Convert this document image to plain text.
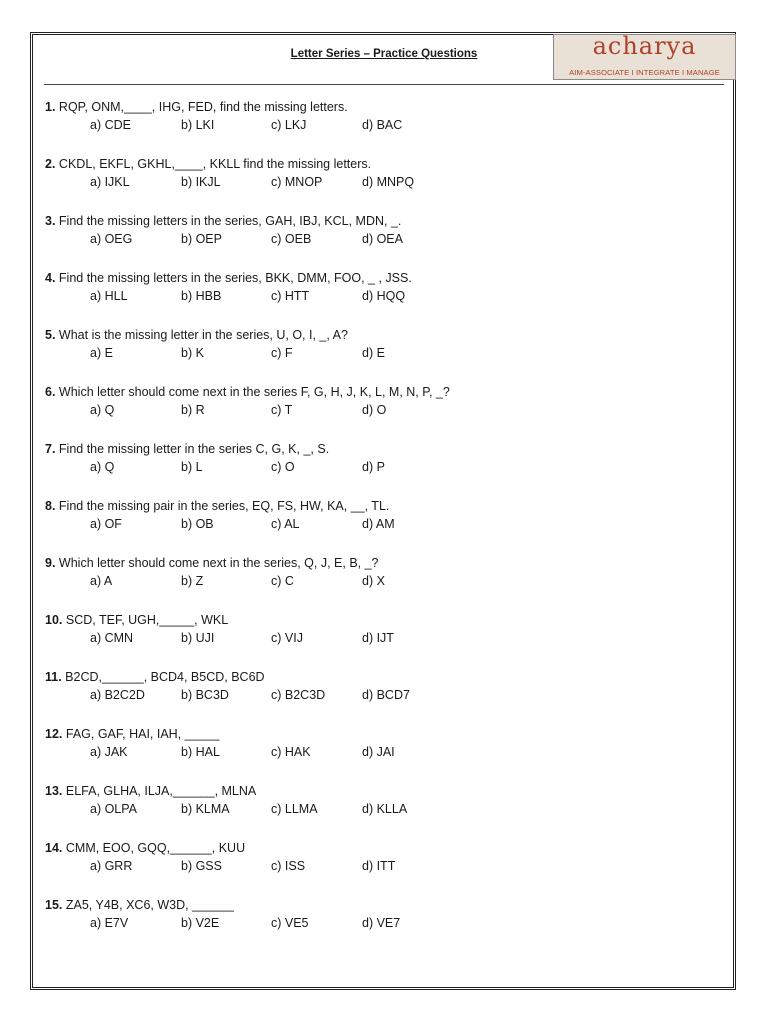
Letter Series – Practice Questions	acharya
AIM-ASSOCIATE I INTEGRATE I MANAGE
1. RQP, ONM,____, IHG, FED, find the missing letters.
a) CDE	b) LKI	c) LKJ	d) BAC
2. CKDL, EKFL, GKHL,____, KKLL find the missing letters.
a) IJKL	b) IKJL	c) MNOP	d) MNPQ
3. Find the missing letters in the series, GAH, IBJ, KCL, MDN, _.
a) OEG	b) OEP	c) OEB	d) OEA
4. Find the missing letters in the series, BKK, DMM, FOO, _ , JSS.
a) HLL	b) HBB	c) HTT	d) HQQ
5. What is the missing letter in the series, U, O, I, _, A?
a) E	b) K	c) F	d) E
6. Which letter should come next in the series F, G, H, J, K, L, M, N, P, _?
a) Q	b) R	c) T	d) O
7. Find the missing letter in the series C, G, K, _, S.
a) Q	b) L	c) O	d) P
8. Find the missing pair in the series, EQ, FS, HW, KA, __, TL.
a) OF	b) OB	c) AL	d) AM
9. Which letter should come next in the series, Q, J, E, B, _?
a) A	b) Z	c) C	d) X
10. SCD, TEF, UGH,_____, WKL
a) CMN	b) UJI	c) VIJ	d) IJT
11. B2CD,______, BCD4, B5CD, BC6D
a) B2C2D	b) BC3D	c) B2C3D	d) BCD7
12. FAG, GAF, HAI, IAH, _____
a) JAK	b) HAL	c) HAK	d) JAI
13. ELFA, GLHA, ILJA,______, MLNA
a) OLPA	b) KLMA	c) LLMA	d) KLLA
14. CMM, EOO, GQQ,______, KUU
a) GRR	b) GSS	c) ISS	d) ITT
15. ZA5, Y4B, XC6, W3D, ______
a) E7V	b) V2E	c) VE5	d) VE7
